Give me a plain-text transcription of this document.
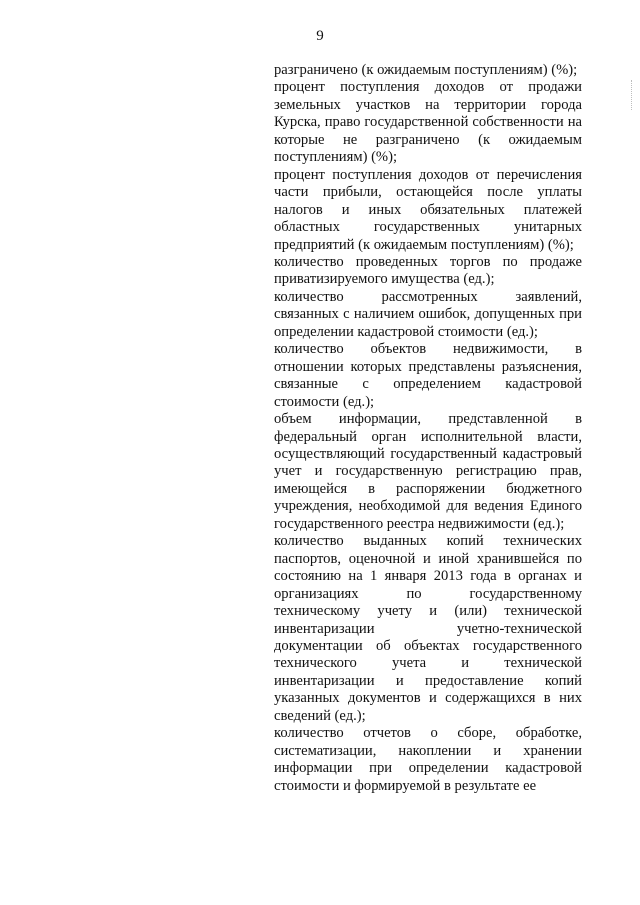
9

разграничено (к ожидаемым поступлениям) (%);

процент поступления доходов от продажи земельных участков на территории города Курска, право государственной собственности на которые не разграничено (к ожидаемым поступлениям) (%);

процент поступления доходов от перечисления части прибыли, остающейся после уплаты налогов и иных обязательных платежей областных государственных унитарных предприятий (к ожидаемым поступлениям) (%);

количество проведенных торгов по продаже приватизируемого имущества (ед.);

количество рассмотренных заявлений, связанных с наличием ошибок, допущенных при определении кадастровой стоимости (ед.);

количество объектов недвижимости, в отношении которых представлены разъяснения, связанные с определением кадастровой стоимости (ед.);

объем информации, представленной в федеральный орган исполнительной власти, осуществляющий государственный кадастровый учет и государственную регистрацию прав, имеющейся в распоряжении бюджетного учреждения, необходимой для ведения Единого государственного реестра недвижимости (ед.);

количество выданных копий технических паспортов, оценочной и иной хранившейся по состоянию на 1 января 2013 года в органах и организациях по государственному техническому учету и (или) технической инвентаризации учетно-технической документации об объектах государственного технического учета и технической инвентаризации и предоставление копий указанных документов и содержащихся в них сведений (ед.);

количество отчетов о сборе, обработке, систематизации, накоплении и хранении информации при определении кадастровой стоимости и формируемой в результате ее
